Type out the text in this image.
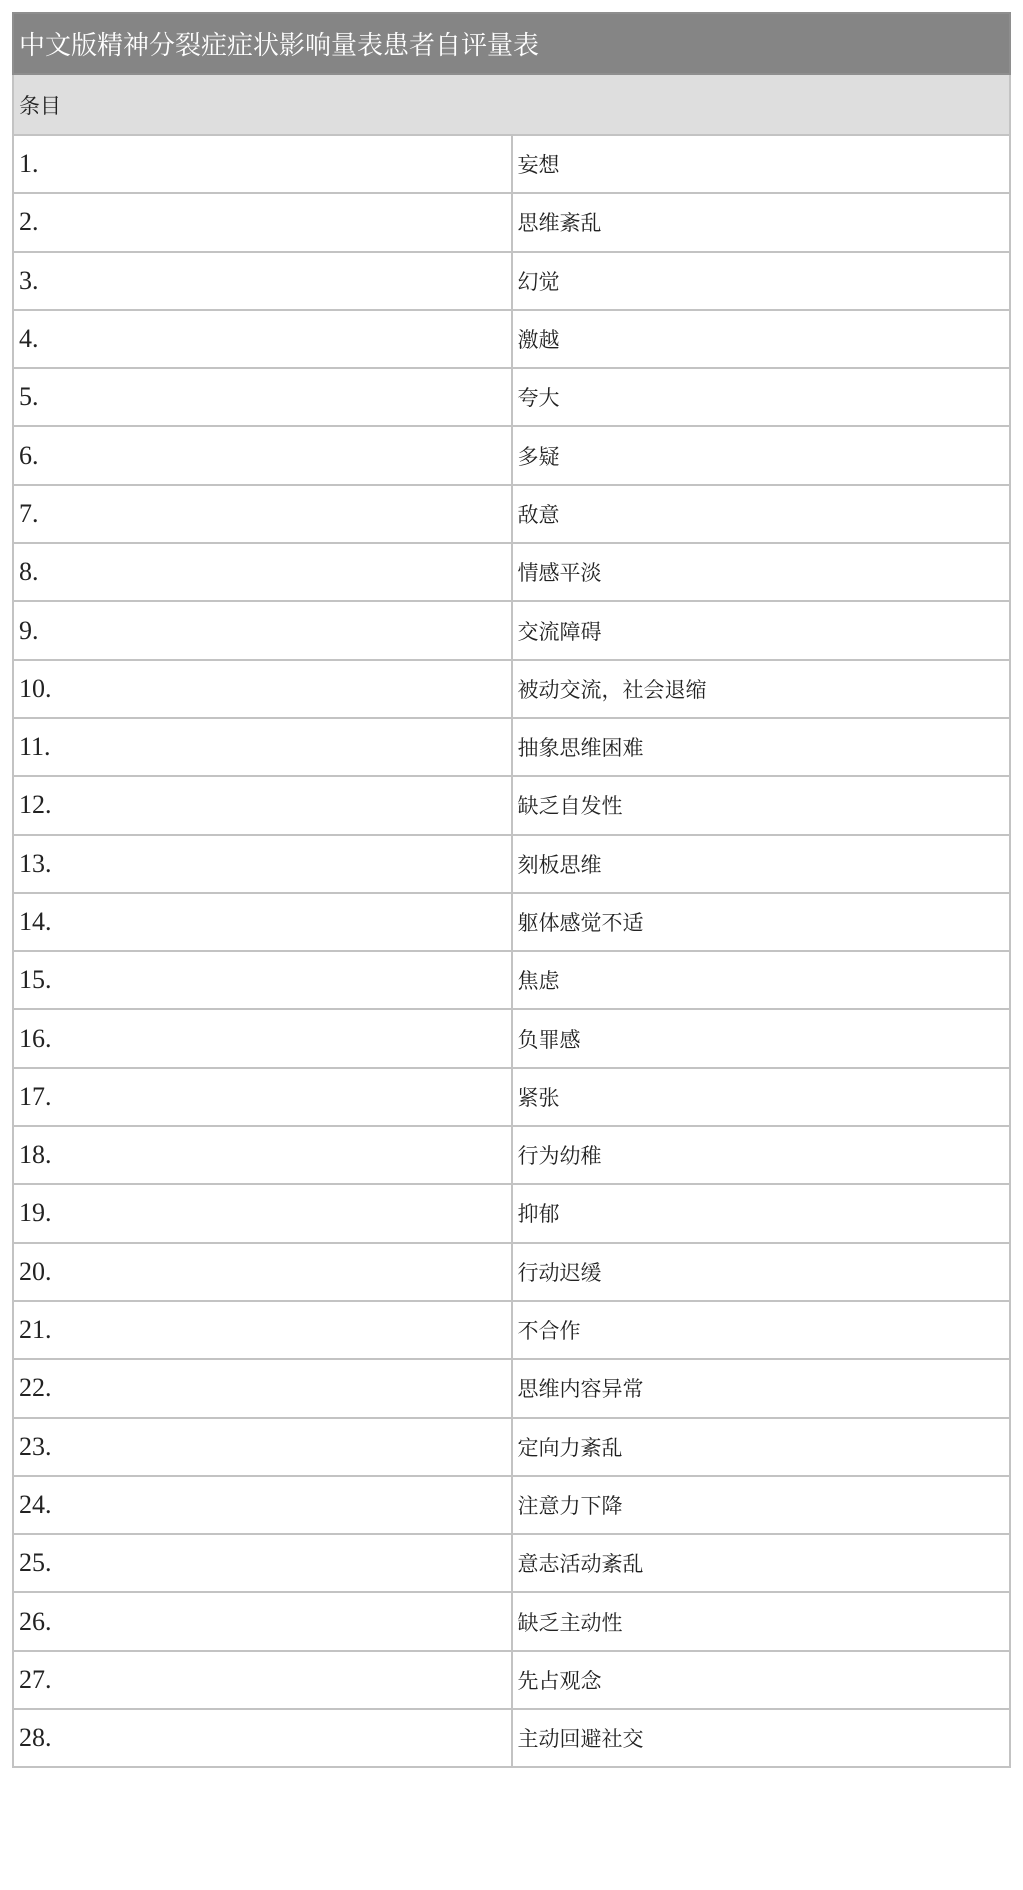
中文版精神分裂症症状影响量表患者自评量表	
条目	
1.	妄想
2.	思维紊乱
3.	幻觉
4.	激越
5.	夸大
6.	多疑
7.	敌意
8.	情感平淡
9.	交流障碍
10.	被动交流，社会退缩
11.	抽象思维困难
12.	缺乏自发性
13.	刻板思维
14.	躯体感觉不适
15.	焦虑
16.	负罪感
17.	紧张
18.	行为幼稚
19.	抑郁
20.	行动迟缓
21.	不合作
22.	思维内容异常
23.	定向力紊乱
24.	注意力下降
25.	意志活动紊乱
26.	缺乏主动性
27.	先占观念
28.	主动回避社交
